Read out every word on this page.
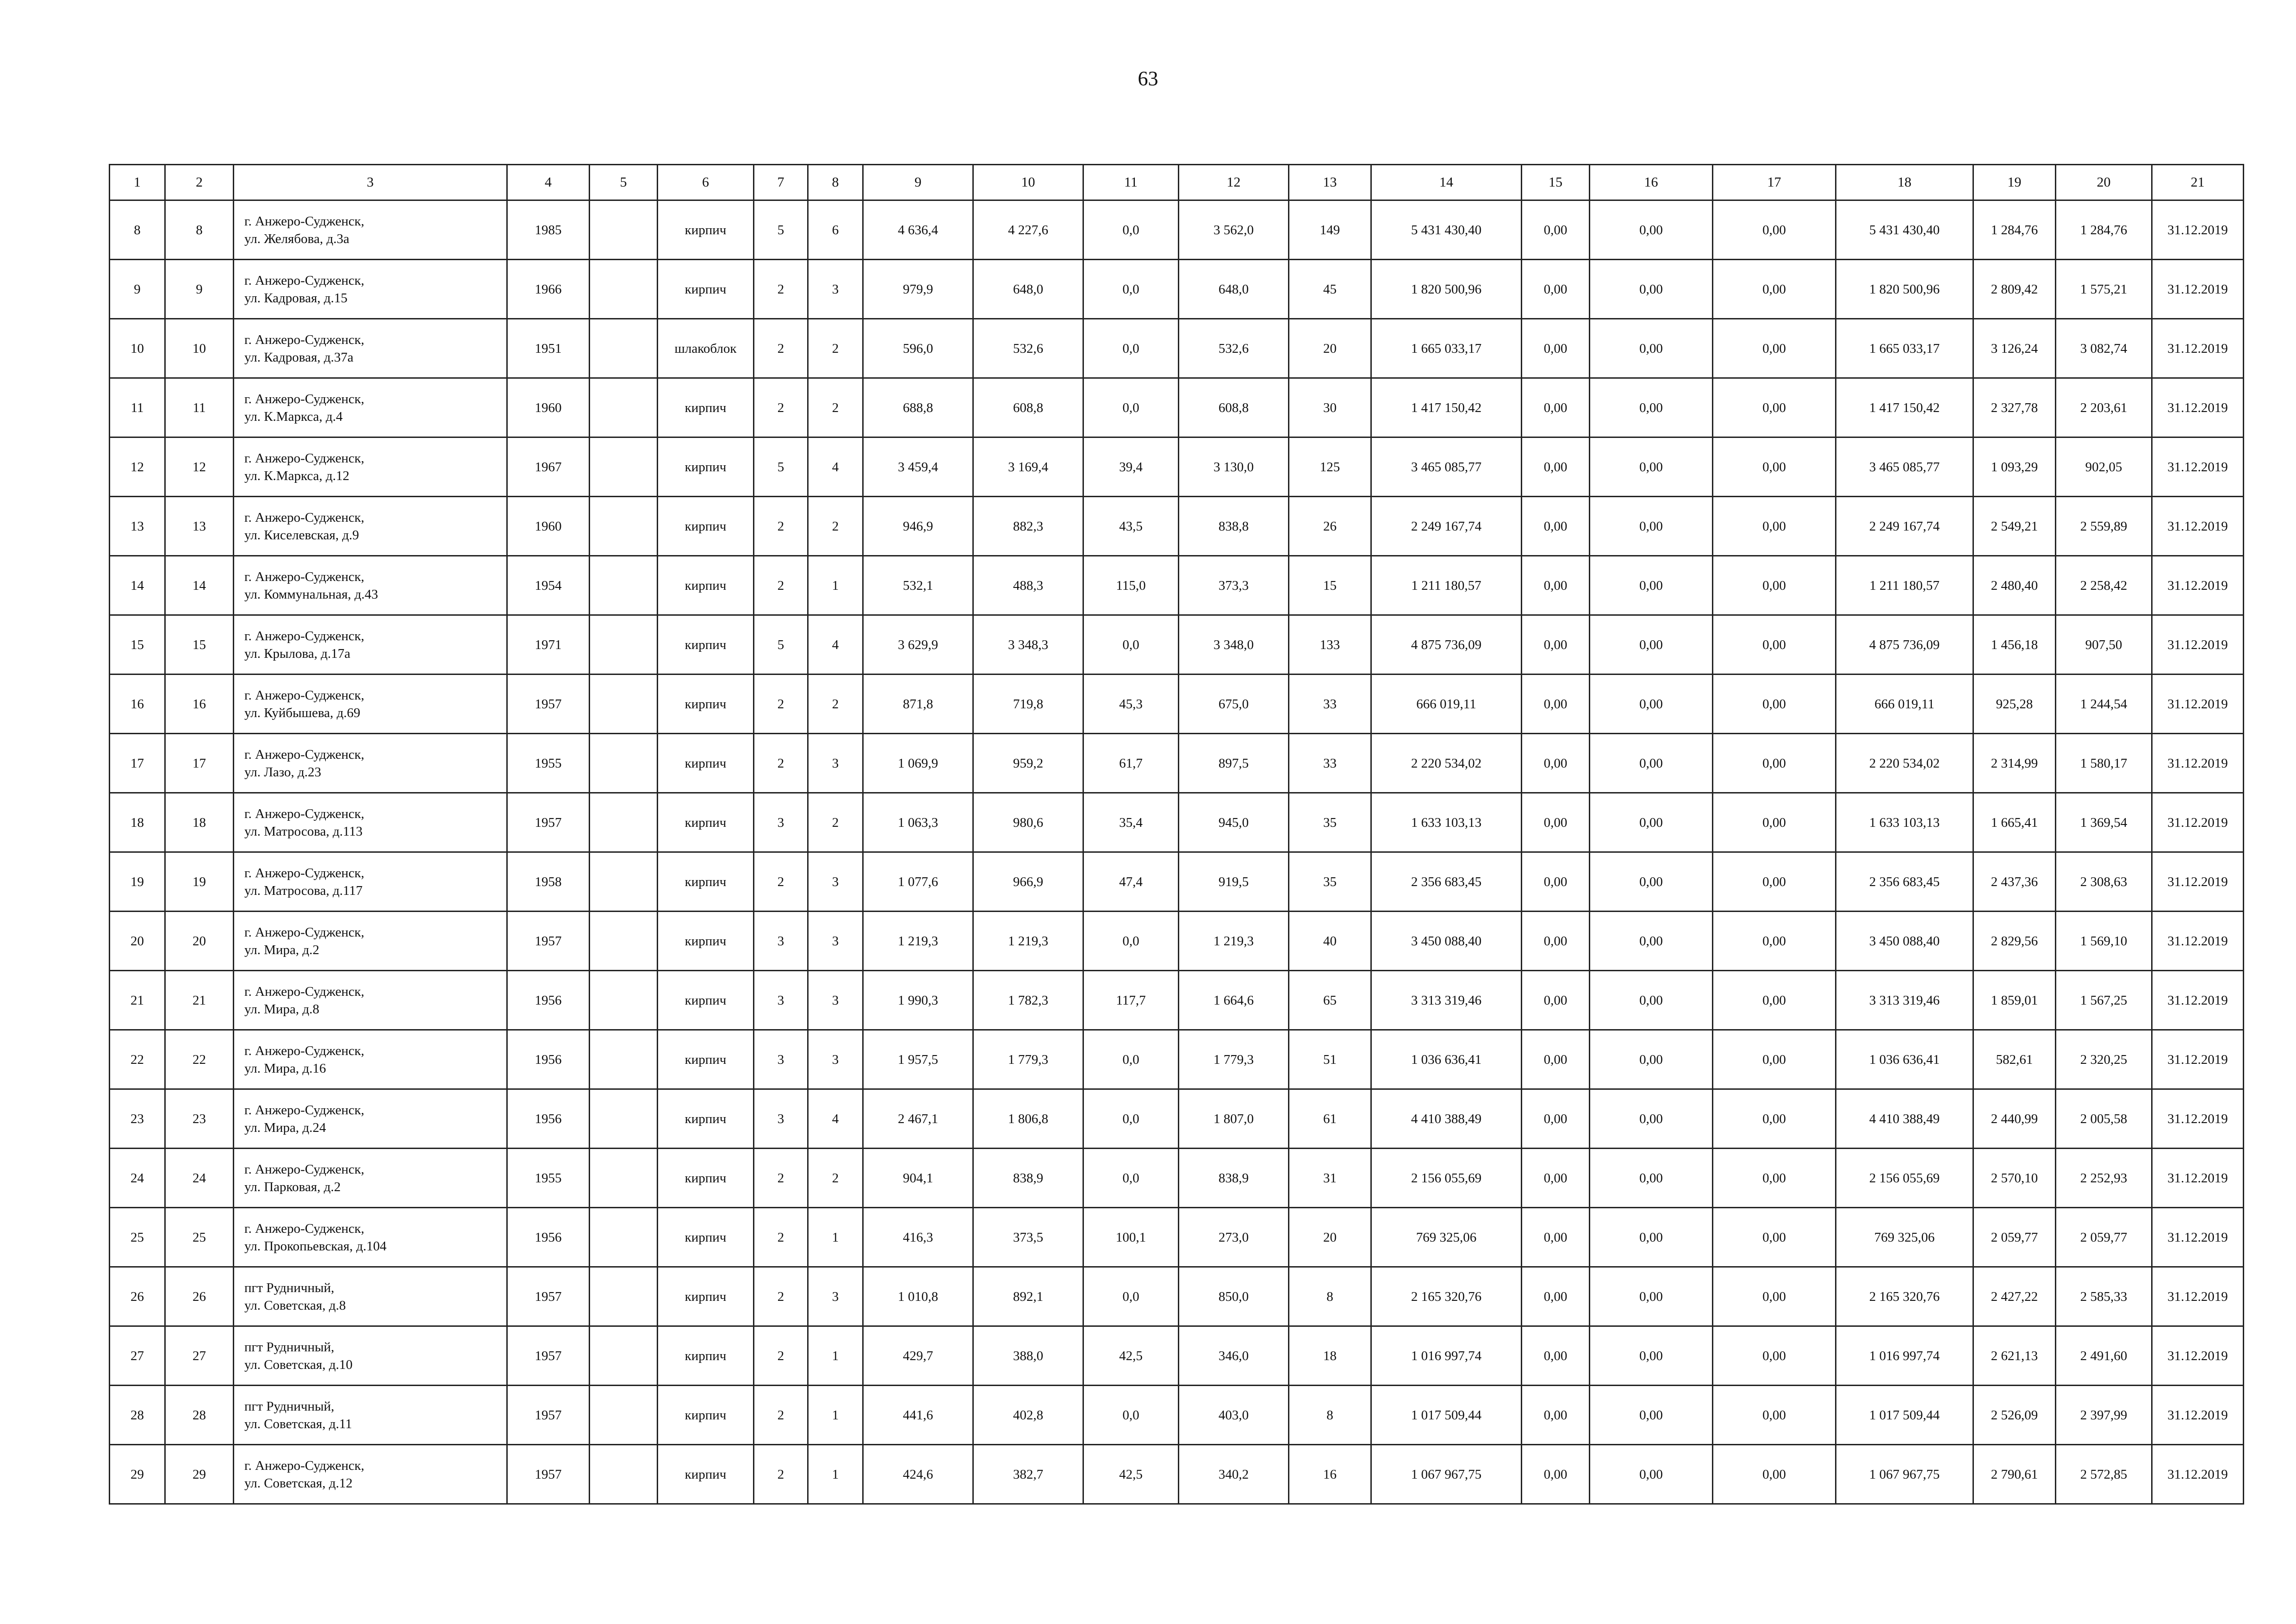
63
1	2	3	4	5	6	7	8	9	10	11	12	13	14	15	16	17	18	19	20	21
8	8	г. Анжеро-Судженск,
ул. Желябова, д.3а	1985		кирпич	5	6	4 636,4	4 227,6	0,0	3 562,0	149	5 431 430,40	0,00	0,00	0,00	5 431 430,40	1 284,76	1 284,76	31.12.2019
9	9	г. Анжеро-Судженск,
ул. Кадровая, д.15	1966		кирпич	2	3	979,9	648,0	0,0	648,0	45	1 820 500,96	0,00	0,00	0,00	1 820 500,96	2 809,42	1 575,21	31.12.2019
10	10	г. Анжеро-Судженск,
ул. Кадровая, д.37а	1951		шлакоблок	2	2	596,0	532,6	0,0	532,6	20	1 665 033,17	0,00	0,00	0,00	1 665 033,17	3 126,24	3 082,74	31.12.2019
11	11	г. Анжеро-Судженск,
ул. К.Маркса, д.4	1960		кирпич	2	2	688,8	608,8	0,0	608,8	30	1 417 150,42	0,00	0,00	0,00	1 417 150,42	2 327,78	2 203,61	31.12.2019
12	12	г. Анжеро-Судженск,
ул. К.Маркса, д.12	1967		кирпич	5	4	3 459,4	3 169,4	39,4	3 130,0	125	3 465 085,77	0,00	0,00	0,00	3 465 085,77	1 093,29	902,05	31.12.2019
13	13	г. Анжеро-Судженск,
ул. Киселевская, д.9	1960		кирпич	2	2	946,9	882,3	43,5	838,8	26	2 249 167,74	0,00	0,00	0,00	2 249 167,74	2 549,21	2 559,89	31.12.2019
14	14	г. Анжеро-Судженск,
ул. Коммунальная, д.43	1954		кирпич	2	1	532,1	488,3	115,0	373,3	15	1 211 180,57	0,00	0,00	0,00	1 211 180,57	2 480,40	2 258,42	31.12.2019
15	15	г. Анжеро-Судженск,
ул. Крылова, д.17а	1971		кирпич	5	4	3 629,9	3 348,3	0,0	3 348,0	133	4 875 736,09	0,00	0,00	0,00	4 875 736,09	1 456,18	907,50	31.12.2019
16	16	г. Анжеро-Судженск,
ул. Куйбышева, д.69	1957		кирпич	2	2	871,8	719,8	45,3	675,0	33	666 019,11	0,00	0,00	0,00	666 019,11	925,28	1 244,54	31.12.2019
17	17	г. Анжеро-Судженск,
ул. Лазо, д.23	1955		кирпич	2	3	1 069,9	959,2	61,7	897,5	33	2 220 534,02	0,00	0,00	0,00	2 220 534,02	2 314,99	1 580,17	31.12.2019
18	18	г. Анжеро-Судженск,
ул. Матросова, д.113	1957		кирпич	3	2	1 063,3	980,6	35,4	945,0	35	1 633 103,13	0,00	0,00	0,00	1 633 103,13	1 665,41	1 369,54	31.12.2019
19	19	г. Анжеро-Судженск,
ул. Матросова, д.117	1958		кирпич	2	3	1 077,6	966,9	47,4	919,5	35	2 356 683,45	0,00	0,00	0,00	2 356 683,45	2 437,36	2 308,63	31.12.2019
20	20	г. Анжеро-Судженск,
ул. Мира, д.2	1957		кирпич	3	3	1 219,3	1 219,3	0,0	1 219,3	40	3 450 088,40	0,00	0,00	0,00	3 450 088,40	2 829,56	1 569,10	31.12.2019
21	21	г. Анжеро-Судженск,
ул. Мира, д.8	1956		кирпич	3	3	1 990,3	1 782,3	117,7	1 664,6	65	3 313 319,46	0,00	0,00	0,00	3 313 319,46	1 859,01	1 567,25	31.12.2019
22	22	г. Анжеро-Судженск,
ул. Мира, д.16	1956		кирпич	3	3	1 957,5	1 779,3	0,0	1 779,3	51	1 036 636,41	0,00	0,00	0,00	1 036 636,41	582,61	2 320,25	31.12.2019
23	23	г. Анжеро-Судженск,
ул. Мира, д.24	1956		кирпич	3	4	2 467,1	1 806,8	0,0	1 807,0	61	4 410 388,49	0,00	0,00	0,00	4 410 388,49	2 440,99	2 005,58	31.12.2019
24	24	г. Анжеро-Судженск,
ул. Парковая, д.2	1955		кирпич	2	2	904,1	838,9	0,0	838,9	31	2 156 055,69	0,00	0,00	0,00	2 156 055,69	2 570,10	2 252,93	31.12.2019
25	25	г. Анжеро-Судженск,
ул. Прокопьевская, д.104	1956		кирпич	2	1	416,3	373,5	100,1	273,0	20	769 325,06	0,00	0,00	0,00	769 325,06	2 059,77	2 059,77	31.12.2019
26	26	пгт Рудничный,
ул. Советская, д.8	1957		кирпич	2	3	1 010,8	892,1	0,0	850,0	8	2 165 320,76	0,00	0,00	0,00	2 165 320,76	2 427,22	2 585,33	31.12.2019
27	27	пгт Рудничный,
ул. Советская, д.10	1957		кирпич	2	1	429,7	388,0	42,5	346,0	18	1 016 997,74	0,00	0,00	0,00	1 016 997,74	2 621,13	2 491,60	31.12.2019
28	28	пгт Рудничный,
ул. Советская, д.11	1957		кирпич	2	1	441,6	402,8	0,0	403,0	8	1 017 509,44	0,00	0,00	0,00	1 017 509,44	2 526,09	2 397,99	31.12.2019
29	29	г. Анжеро-Судженск,
ул. Советская, д.12	1957		кирпич	2	1	424,6	382,7	42,5	340,2	16	1 067 967,75	0,00	0,00	0,00	1 067 967,75	2 790,61	2 572,85	31.12.2019
